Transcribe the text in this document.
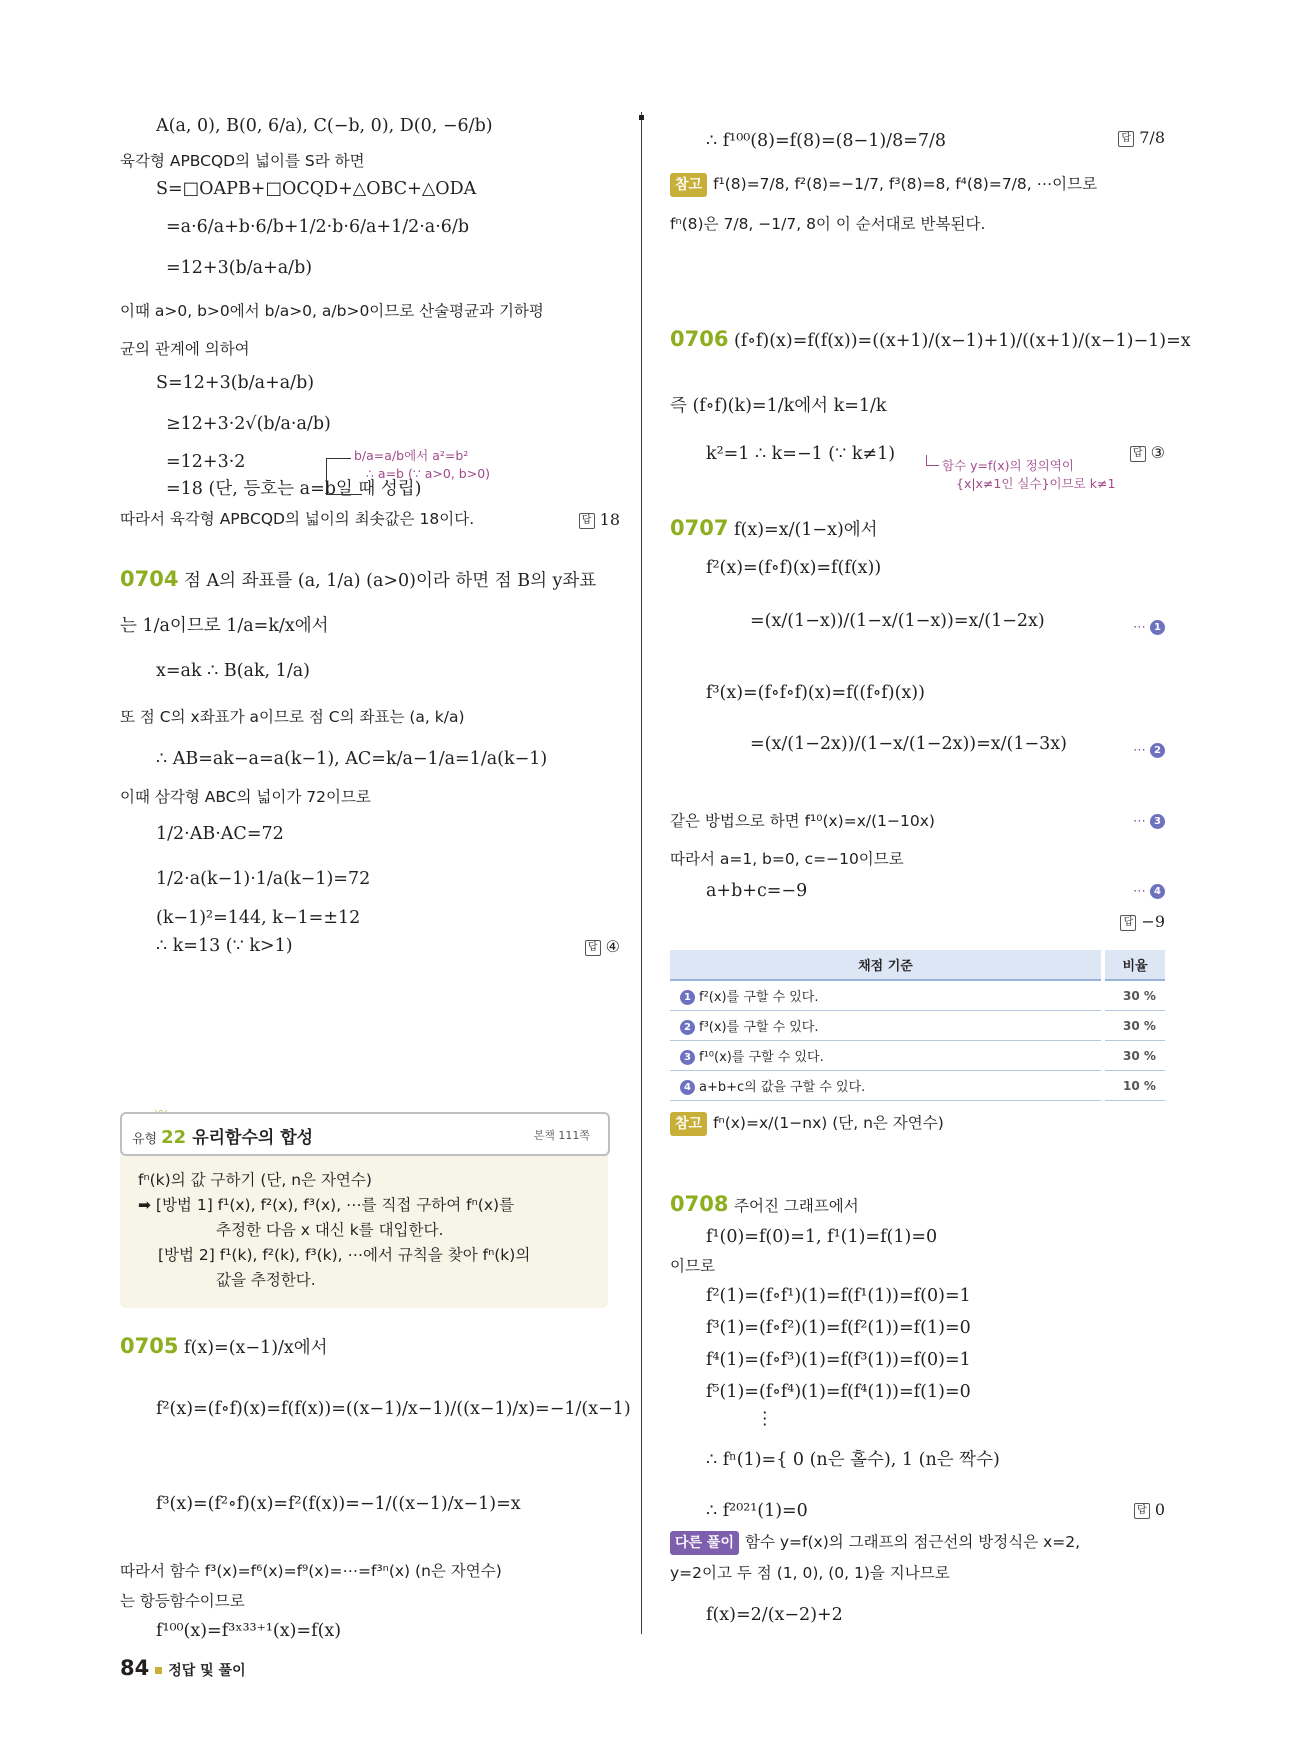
A(a, 0), B(0, 6/a), C(−b, 0), D(0, −6/b)
육각형 APBCQD의 넓이를 S라 하면
S=□OAPB+□OCQD+△OBC+△ODA
=a·6/a+b·6/b+1/2·b·6/a+1/2·a·6/b
=12+3(b/a+a/b)
이때 a>0, b>0에서 b/a>0, a/b>0이므로 산술평균과 기하평
균의 관계에 의하여
S=12+3(b/a+a/b)
≥12+3·2√(b/a·a/b)
=12+3·2
=18 (단, 등호는 a=b일 때 성립)
따라서 육각형 APBCQD의 넓이의 최솟값은 18이다.
b/a=a/b에서 a²=b²
∴ a=b (∵ a>0, b>0)
답 18
0704 점 A의 좌표를 (a, 1/a) (a>0)이라 하면 점 B의 y좌표
는 1/a이므로 1/a=k/x에서
x=ak ∴ B(ak, 1/a)
또 점 C의 x좌표가 a이므로 점 C의 좌표는 (a, k/a)
∴ AB=ak−a=a(k−1), AC=k/a−1/a=1/a(k−1)
이때 삼각형 ABC의 넓이가 72이므로
1/2·AB·AC=72
1/2·a(k−1)·1/a(k−1)=72
(k−1)²=144, k−1=±12
∴ k=13 (∵ k>1)	답 ④
0705 f(x)=(x−1)/x에서
f²(x)=(f∘f)(x)=f(f(x))=((x−1)/x−1)/((x−1)/x)=−1/(x−1)
f³(x)=(f²∘f)(x)=f²(f(x))=−1/((x−1)/x−1)=x
따라서 함수 f³(x)=f⁶(x)=f⁹(x)=⋯=f³ⁿ(x) (n은 자연수)
는 항등함수이므로
f¹⁰⁰(x)=f³ˣ³³⁺¹(x)=f(x)
유형 22 유리함수의 합성	본책 111쪽
fⁿ(k)의 값 구하기 (단, n은 자연수)
➡ [방법 1] f¹(x), f²(x), f³(x), ⋯를 직접 구하여 fⁿ(x)를
추정한 다음 x 대신 k를 대입한다.
[방법 2] f¹(k), f²(k), f³(k), ⋯에서 규칙을 찾아 fⁿ(k)의
값을 추정한다.
∴ f¹⁰⁰(8)=f(8)=(8−1)/8=7/8	답 7/8
참고 f¹(8)=7/8, f²(8)=−1/7, f³(8)=8, f⁴(8)=7/8, ⋯이므로
fⁿ(8)은 7/8, −1/7, 8이 이 순서대로 반복된다.
0706 (f∘f)(x)=f(f(x))=((x+1)/(x−1)+1)/((x+1)/(x−1)−1)=x
즉 (f∘f)(k)=1/k에서 k=1/k
k²=1 ∴ k=−1 (∵ k≠1)
함수 y=f(x)의 정의역이
{x|x≠1인 실수}이므로 k≠1
답 ③
0707 f(x)=x/(1−x)에서
f²(x)=(f∘f)(x)=f(f(x))
=(x/(1−x))/(1−x/(1−x))=x/(1−2x)	⋯ 1
f³(x)=(f∘f∘f)(x)=f((f∘f)(x))
=(x/(1−2x))/(1−x/(1−2x))=x/(1−3x)	⋯ 2
같은 방법으로 하면 f¹⁰(x)=x/(1−10x)	⋯ 3
따라서 a=1, b=0, c=−10이므로
a+b+c=−9	⋯ 4
답 −9
참고 fⁿ(x)=x/(1−nx) (단, n은 자연수)
0708 주어진 그래프에서
f¹(0)=f(0)=1, f¹(1)=f(1)=0
이므로
f²(1)=(f∘f¹)(1)=f(f¹(1))=f(0)=1
f³(1)=(f∘f²)(1)=f(f²(1))=f(1)=0
f⁴(1)=(f∘f³)(1)=f(f³(1))=f(0)=1
f⁵(1)=(f∘f⁴)(1)=f(f⁴(1))=f(1)=0
⋮
∴ fⁿ(1)={ 0 (n은 홀수), 1 (n은 짝수)
∴ f²⁰²¹(1)=0	답 0
다른 풀이 함수 y=f(x)의 그래프의 점근선의 방정식은 x=2,
y=2이고 두 점 (1, 0), (0, 1)을 지나므로
f(x)=2/(x−2)+2
채점 기준	비율
1 f²(x)를 구할 수 있다.	30 %
2 f³(x)를 구할 수 있다.	30 %
3 f¹⁰(x)를 구할 수 있다.	30 %
4 a+b+c의 값을 구할 수 있다.	10 %
84 정답 및 풀이
